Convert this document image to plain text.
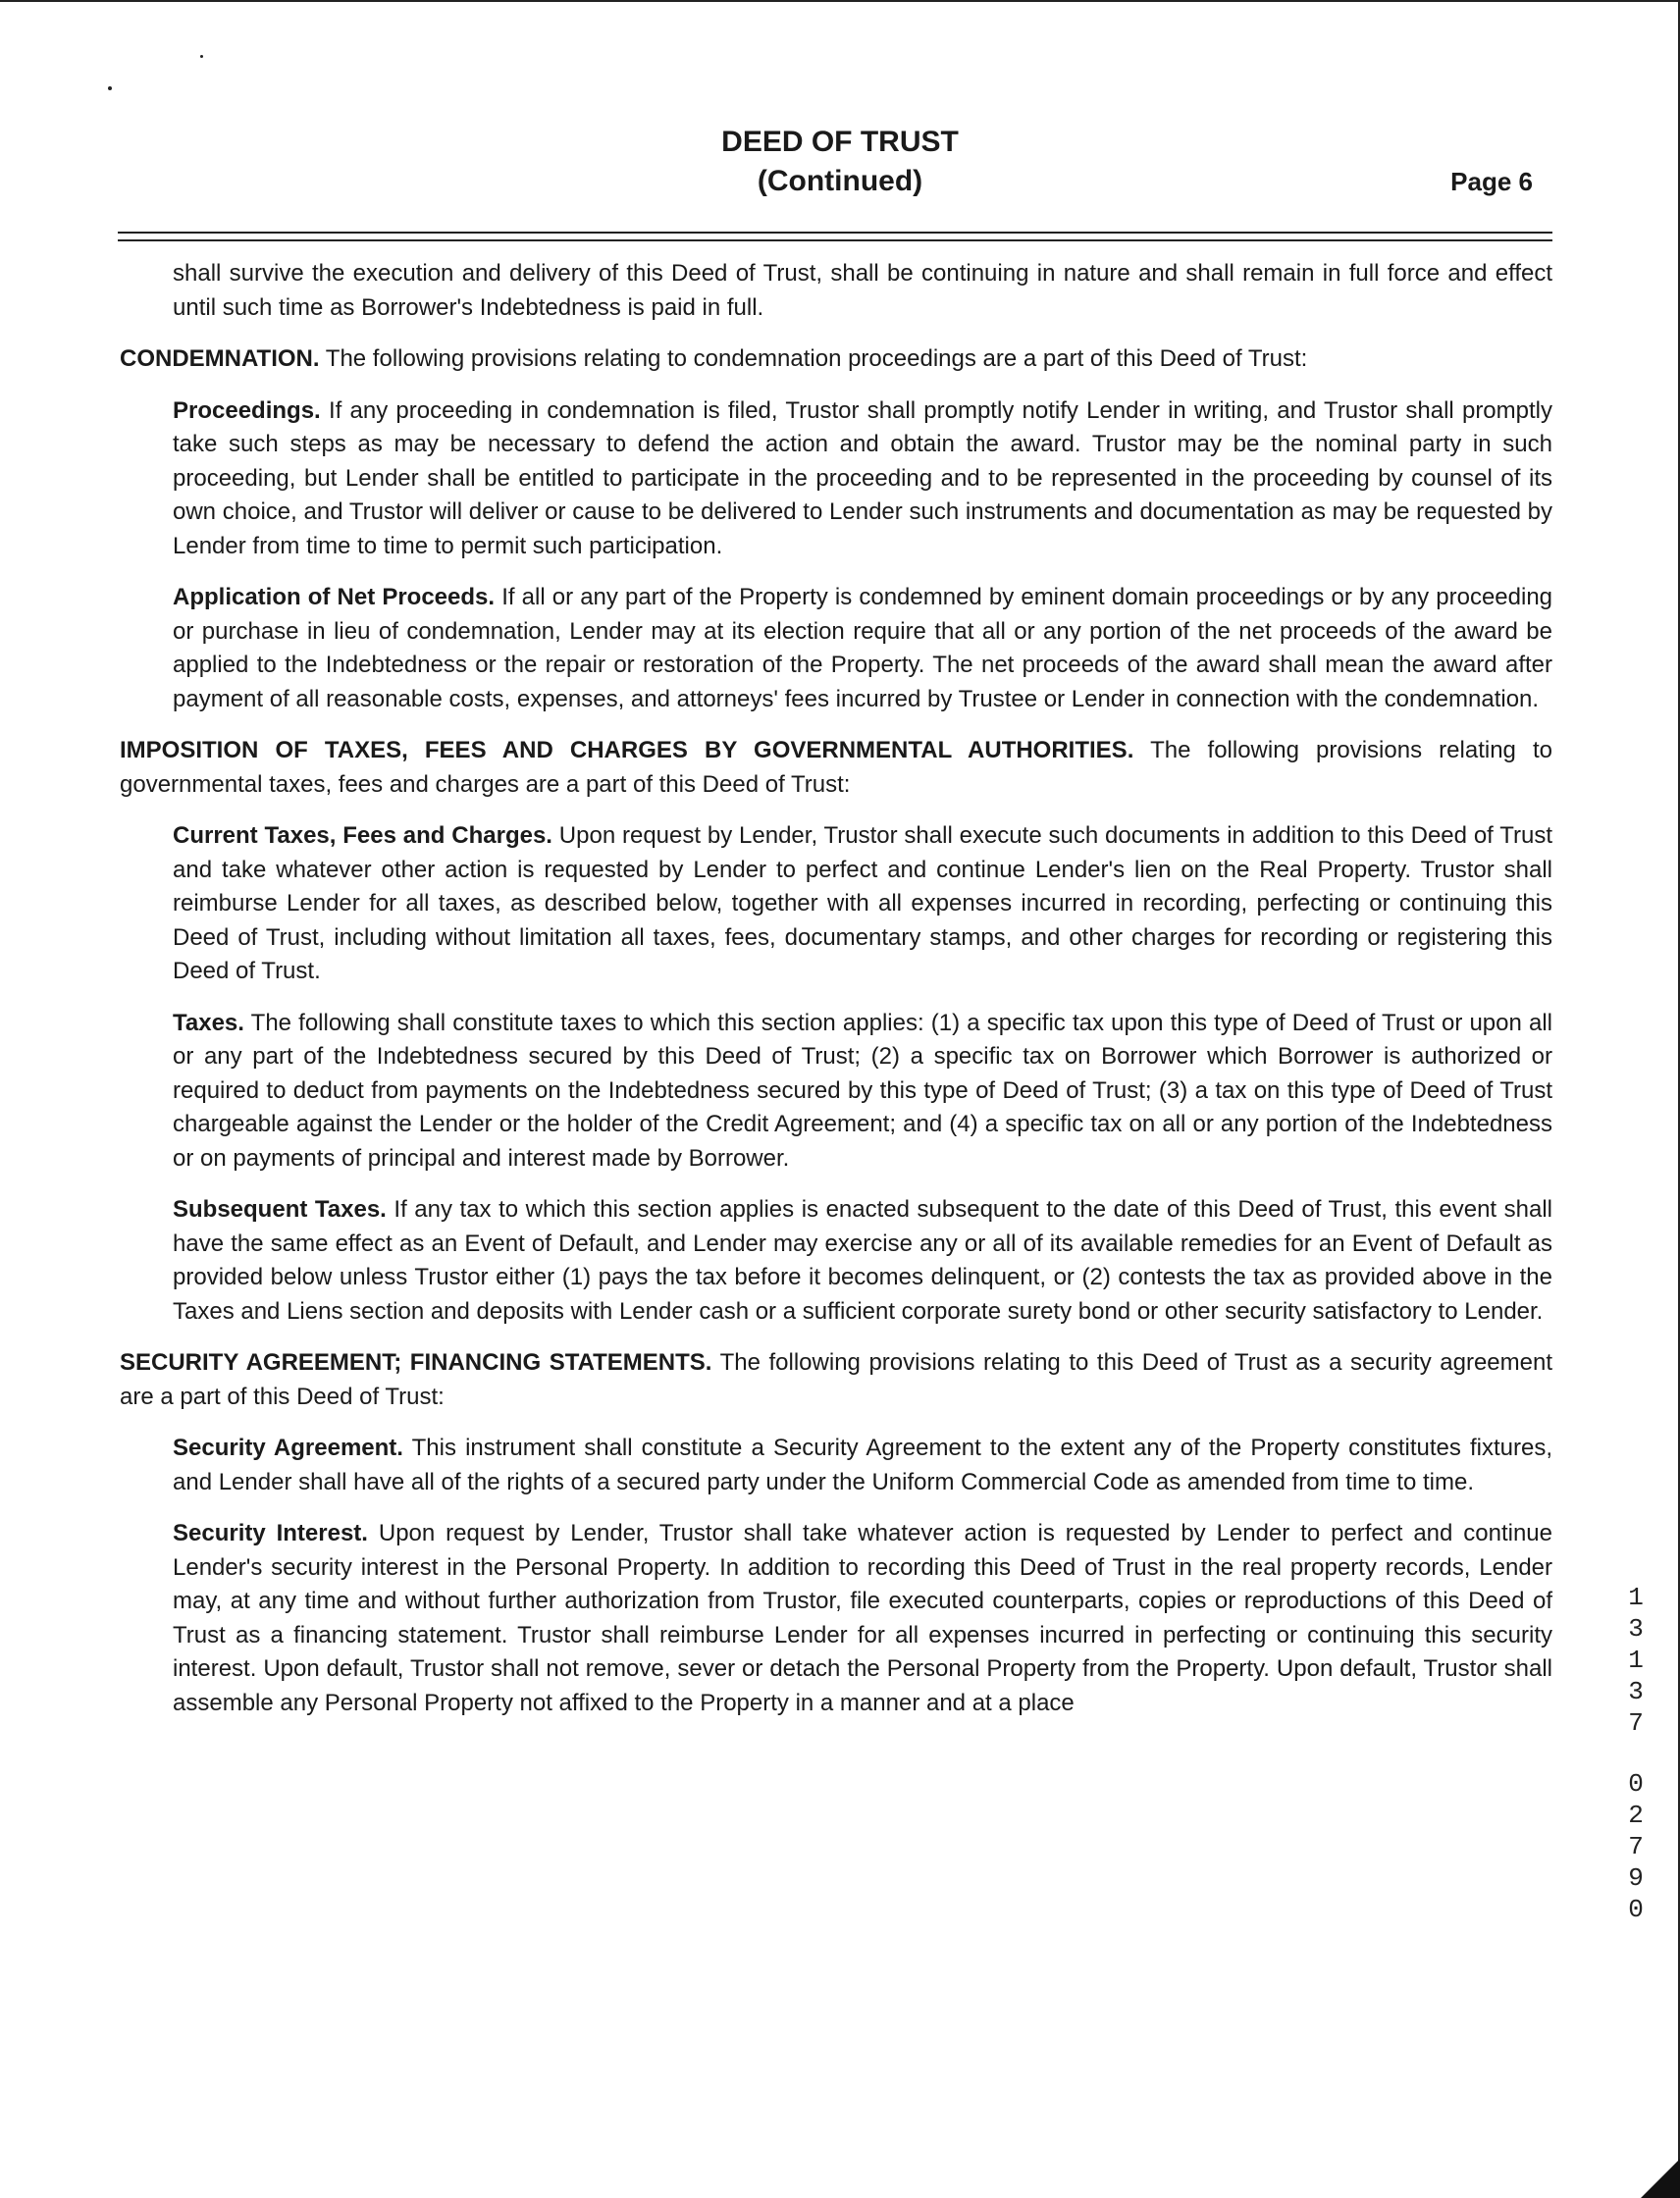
DEED OF TRUST
(Continued)	Page 6

shall survive the execution and delivery of this Deed of Trust, shall be continuing in nature and shall remain in full force and effect until such time as Borrower's Indebtedness is paid in full.

CONDEMNATION. The following provisions relating to condemnation proceedings are a part of this Deed of Trust:

Proceedings. If any proceeding in condemnation is filed, Trustor shall promptly notify Lender in writing, and Trustor shall promptly take such steps as may be necessary to defend the action and obtain the award. Trustor may be the nominal party in such proceeding, but Lender shall be entitled to participate in the proceeding and to be represented in the proceeding by counsel of its own choice, and Trustor will deliver or cause to be delivered to Lender such instruments and documentation as may be requested by Lender from time to time to permit such participation.

Application of Net Proceeds. If all or any part of the Property is condemned by eminent domain proceedings or by any proceeding or purchase in lieu of condemnation, Lender may at its election require that all or any portion of the net proceeds of the award be applied to the Indebtedness or the repair or restoration of the Property. The net proceeds of the award shall mean the award after payment of all reasonable costs, expenses, and attorneys' fees incurred by Trustee or Lender in connection with the condemnation.

IMPOSITION OF TAXES, FEES AND CHARGES BY GOVERNMENTAL AUTHORITIES. The following provisions relating to governmental taxes, fees and charges are a part of this Deed of Trust:

Current Taxes, Fees and Charges. Upon request by Lender, Trustor shall execute such documents in addition to this Deed of Trust and take whatever other action is requested by Lender to perfect and continue Lender's lien on the Real Property. Trustor shall reimburse Lender for all taxes, as described below, together with all expenses incurred in recording, perfecting or continuing this Deed of Trust, including without limitation all taxes, fees, documentary stamps, and other charges for recording or registering this Deed of Trust.

Taxes. The following shall constitute taxes to which this section applies: (1) a specific tax upon this type of Deed of Trust or upon all or any part of the Indebtedness secured by this Deed of Trust; (2) a specific tax on Borrower which Borrower is authorized or required to deduct from payments on the Indebtedness secured by this type of Deed of Trust; (3) a tax on this type of Deed of Trust chargeable against the Lender or the holder of the Credit Agreement; and (4) a specific tax on all or any portion of the Indebtedness or on payments of principal and interest made by Borrower.

Subsequent Taxes. If any tax to which this section applies is enacted subsequent to the date of this Deed of Trust, this event shall have the same effect as an Event of Default, and Lender may exercise any or all of its available remedies for an Event of Default as provided below unless Trustor either (1) pays the tax before it becomes delinquent, or (2) contests the tax as provided above in the Taxes and Liens section and deposits with Lender cash or a sufficient corporate surety bond or other security satisfactory to Lender.

SECURITY AGREEMENT; FINANCING STATEMENTS. The following provisions relating to this Deed of Trust as a security agreement are a part of this Deed of Trust:

Security Agreement. This instrument shall constitute a Security Agreement to the extent any of the Property constitutes fixtures, and Lender shall have all of the rights of a secured party under the Uniform Commercial Code as amended from time to time.

Security Interest. Upon request by Lender, Trustor shall take whatever action is requested by Lender to perfect and continue Lender's security interest in the Personal Property. In addition to recording this Deed of Trust in the real property records, Lender may, at any time and without further authorization from Trustor, file executed counterparts, copies or reproductions of this Deed of Trust as a financing statement. Trustor shall reimburse Lender for all expenses incurred in perfecting or continuing this security interest. Upon default, Trustor shall not remove, sever or detach the Personal Property from the Property. Upon default, Trustor shall assemble any Personal Property not affixed to the Property in a manner and at a place

1
3
1
3
7
0
2
7
9
0
